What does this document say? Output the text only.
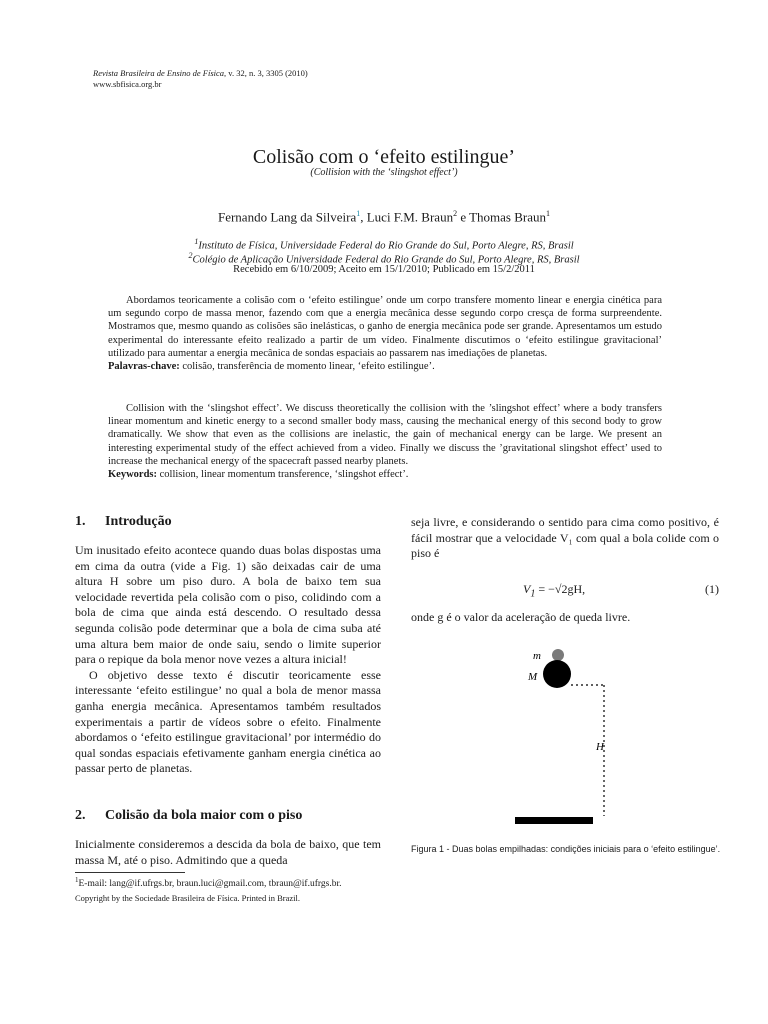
Revista Brasileira de Ensino de Física, v. 32, n. 3, 3305 (2010)
www.sbfisica.org.br
Colisão com o ‘efeito estilingue’
(Collision with the ‘slingshot effect’)
Fernando Lang da Silveira$^1$, Luci F.M. Braun$^2$ e Thomas Braun$^1$
$^1$Instituto de Física, Universidade Federal do Rio Grande do Sul, Porto Alegre, RS, Brasil
$^2$Colégio de Aplicação Universidade Federal do Rio Grande do Sul, Porto Alegre, RS, Brasil
Recebido em 6/10/2009; Aceito em 15/1/2010; Publicado em 15/2/2011

Abordamos teoricamente a colisão com o ‘efeito estilingue’ onde um corpo transfere momento linear e energia cinética para um segundo corpo de massa menor, fazendo com que a energia mecânica desse segundo corpo cresça de forma surpreendente. Mostramos que, mesmo quando as colisões são inelásticas, o ganho de energia mecânica pode ser grande. Apresentamos um estudo experimental do interessante efeito realizado a partir de um vídeo. Finalmente discutimos o ‘efeito estilingue gravitacional’ utilizado para aumentar a energia mecânica de sondas espaciais ao passarem nas imediações de planetas.

Palavras-chave: colisão, transferência de momento linear, ‘efeito estilingue’.

Collision with the ‘slingshot effect’. We discuss theoretically the collision with the ’slingshot effect’ where a body transfers linear momentum and kinetic energy to a second smaller body mass, causing the mechanical energy of this second body to grow dramatically. We show that even as the collisions are inelastic, the gain of mechanical energy can be large. We present an interesting experimental study of the effect achieved from a video. Finally we discuss the ’gravitational slingshot effect’ used to increase the mechanical energy of the spacecraft passed nearby planets.

Keywords: collision, linear momentum transference, ‘slingshot effect’.
1. Introdução

Um inusitado efeito acontece quando duas bolas dispostas uma em cima da outra (vide a Fig. 1) são deixadas cair de uma altura H sobre um piso duro. A bola de baixo tem sua velocidade revertida pela colisão com o piso, colidindo com a bola de cima que ainda está descendo. O resultado dessa segunda colisão pode determinar que a bola de cima suba até uma altura bem maior de onde saiu, sendo o limite superior para o repique da bola menor nove vezes a altura inicial!

O objetivo desse texto é discutir teoricamente esse interessante ‘efeito estilingue’ no qual a bola de menor massa ganha energia mecânica. Apresentamos também resultados experimentais a partir de vídeos sobre o efeito. Finalmente abordamos o ‘efeito estilingue gravitacional’ por intermédio do qual sondas espaciais efetivamente ganham energia cinética ao passar perto de planetas.

2. Colisão da bola maior com o piso

Inicialmente consideremos a descida da bola de baixo, que tem massa M, até o piso. Admitindo que a queda

seja livre, e considerando o sentido para cima como positivo, é fácil mostrar que a velocidade V₁ com qual a bola colide com o piso é

$V_1 = -√2gH$,	(1)

onde g é o valor da aceleração de queda livre.

m
M
H
Figura 1 - Duas bolas empilhadas: condições iniciais para o ‘efeito estilingue’.
$^1$E-mail: lang@if.ufrgs.br, braun.luci@gmail.com, tbraun@if.ufrgs.br.
Copyright by the Sociedade Brasileira de Física. Printed in Brazil.
